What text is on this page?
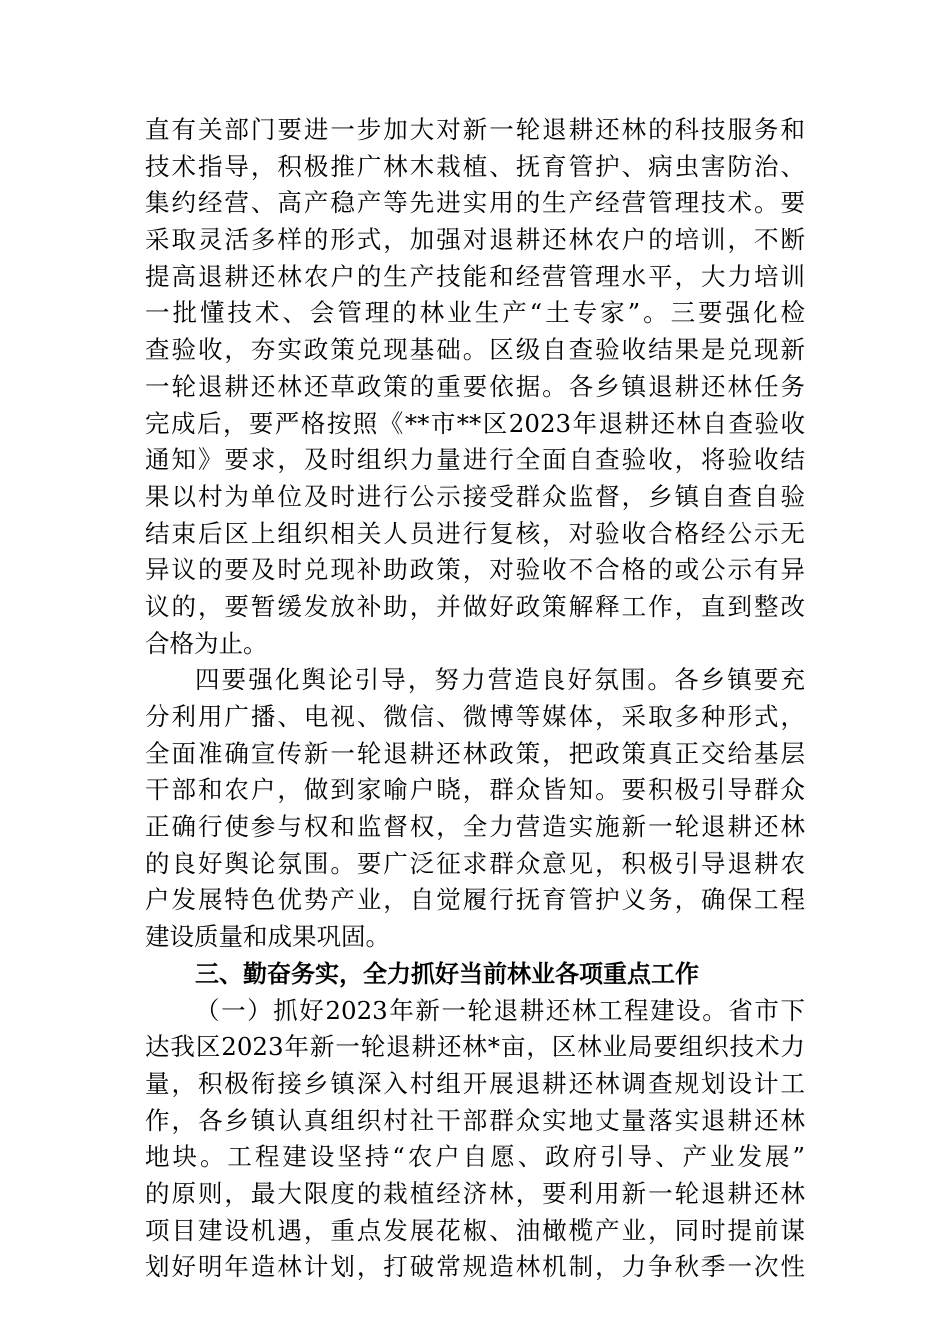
直有关部门要进一步加大对新一轮退耕还林的科技服务和
技术指导，积极推广林木栽植、抚育管护、病虫害防治、
集约经营、高产稳产等先进实用的生产经营管理技术。要
采取灵活多样的形式，加强对退耕还林农户的培训，不断
提高退耕还林农户的生产技能和经营管理水平，大力培训
一批懂技术、会管理的林业生产“土专家”。三要强化检
查验收，夯实政策兑现基础。区级自查验收结果是兑现新
一轮退耕还林还草政策的重要依据。各乡镇退耕还林任务
完成后，要严格按照《**市**区2023年退耕还林自查验收
通知》要求，及时组织力量进行全面自查验收，将验收结
果以村为单位及时进行公示接受群众监督，乡镇自查自验
结束后区上组织相关人员进行复核，对验收合格经公示无
异议的要及时兑现补助政策，对验收不合格的或公示有异
议的，要暂缓发放补助，并做好政策解释工作，直到整改
合格为止。
四要强化舆论引导，努力营造良好氛围。各乡镇要充
分利用广播、电视、微信、微博等媒体，采取多种形式，
全面准确宣传新一轮退耕还林政策，把政策真正交给基层
干部和农户，做到家喻户晓，群众皆知。要积极引导群众
正确行使参与权和监督权，全力营造实施新一轮退耕还林
的良好舆论氛围。要广泛征求群众意见，积极引导退耕农
户发展特色优势产业，自觉履行抚育管护义务，确保工程
建设质量和成果巩固。
三、勤奋务实，全力抓好当前林业各项重点工作
（一）抓好2023年新一轮退耕还林工程建设。省市下
达我区2023年新一轮退耕还林*亩，区林业局要组织技术力
量，积极衔接乡镇深入村组开展退耕还林调查规划设计工
作，各乡镇认真组织村社干部群众实地丈量落实退耕还林
地块。工程建设坚持“农户自愿、政府引导、产业发展”
的原则，最大限度的栽植经济林，要利用新一轮退耕还林
项目建设机遇，重点发展花椒、油橄榄产业，同时提前谋
划好明年造林计划，打破常规造林机制，力争秋季一次性
